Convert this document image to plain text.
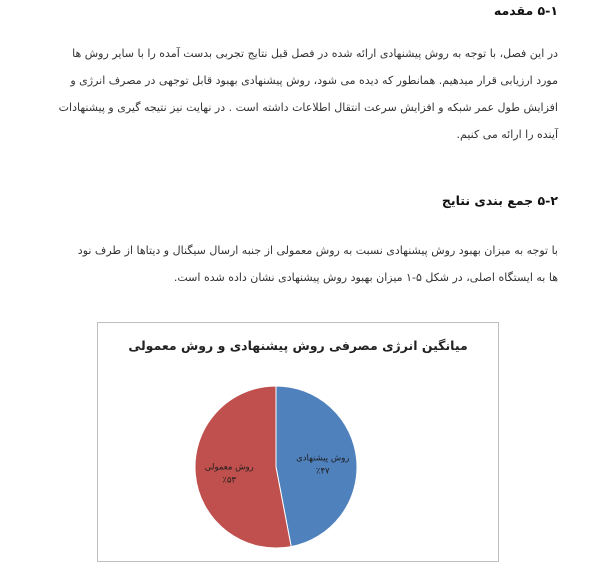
۵-۱ مقدمه

در این فصل، با توجه به روش پیشنهادی ارائه شده در فصل قبل نتایج تجربی بدست آمده را با سایر روش ها

مورد ارزیابی قرار میدهیم. همانطور که دیده می شود، روش پیشنهادی بهبود قابل توجهی در مصرف انرژی و

افزایش طول عمر شبکه و افزایش سرعت انتقال اطلاعات داشته است . در نهایت نیز نتیجه گیری و پیشنهادات

آینده را ارائه می کنیم.

۵-۲ جمع بندی نتایج

با توجه به میزان بهبود روش پیشنهادی نسبت به روش معمولی از جنبه ارسال سیگنال و دیتاها از طرف نود

ها به ایستگاه اصلی، در شکل ۵-۱ میزان بهبود روش پیشنهادی نشان داده شده است.

میانگین انرژی مصرفی روش پیشنهادی و روش معمولی
روش پیشنهادی
٪۴۷
روش معمولی
٪۵۳
